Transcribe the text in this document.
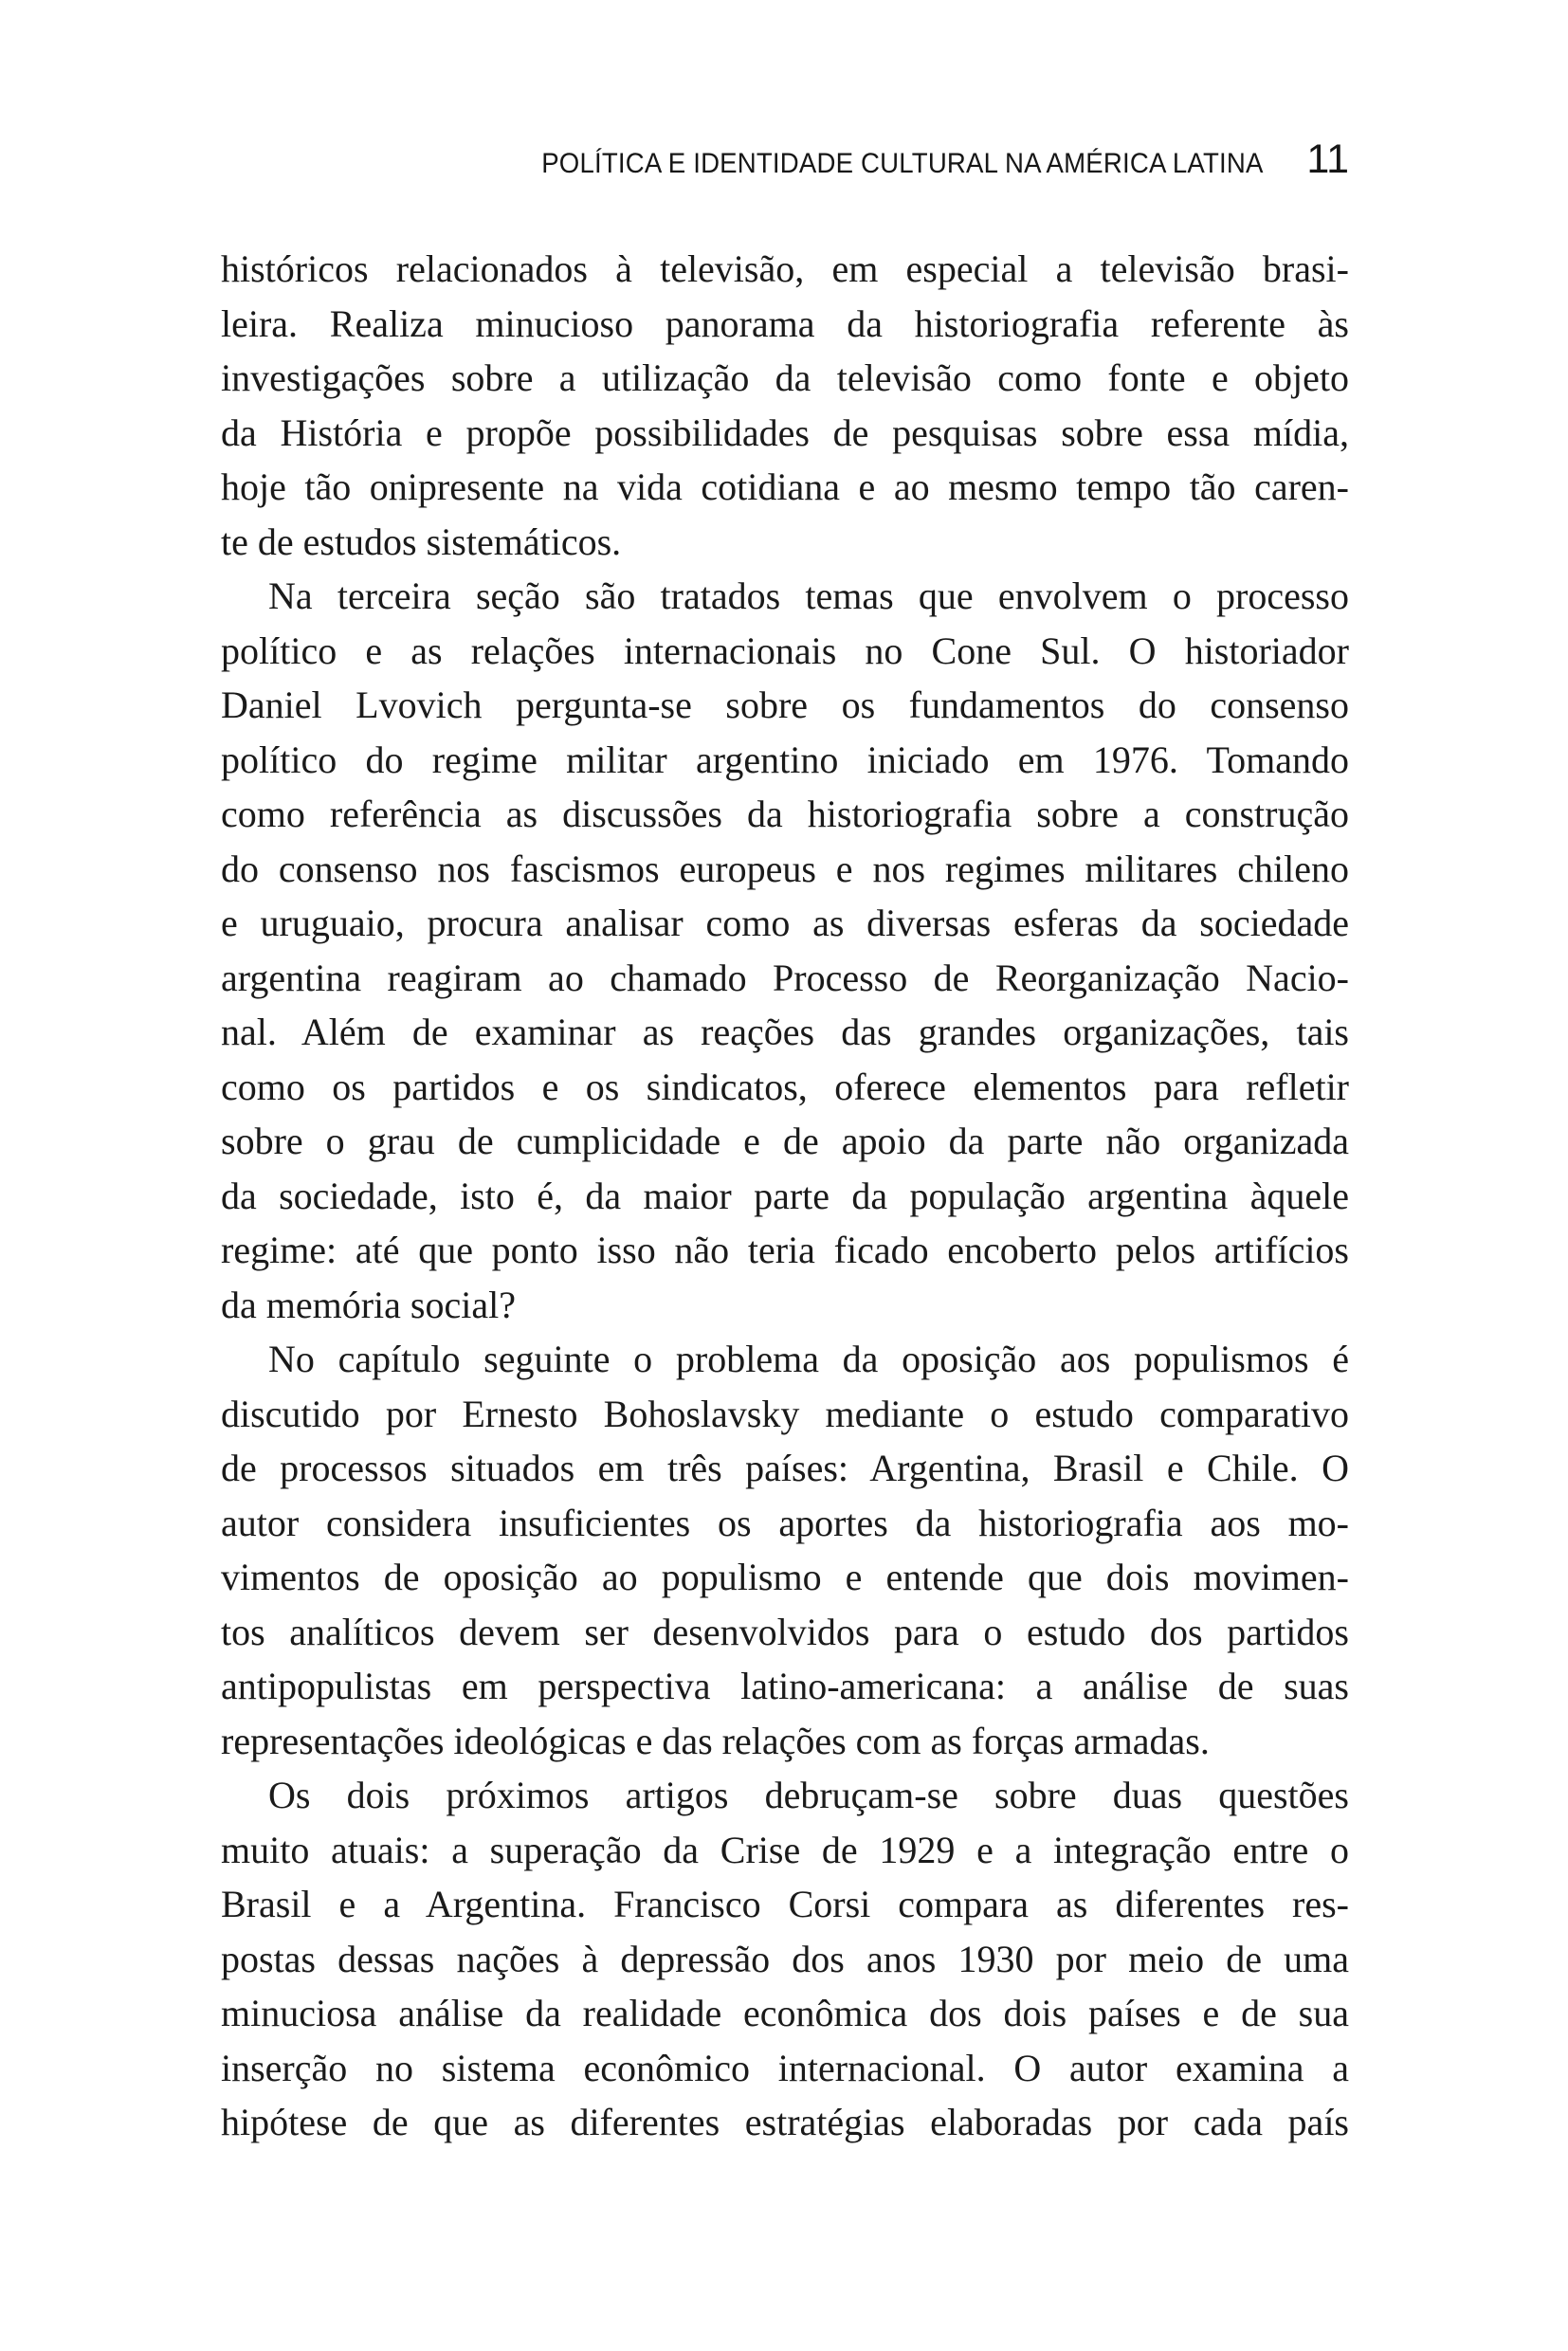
POLÍTICA E IDENTIDADE CULTURAL NA AMÉRICA LATINA 11
históricos relacionados à televisão, em especial a televisão brasi-
leira. Realiza minucioso panorama da historiografia referente às
investigações sobre a utilização da televisão como fonte e objeto
da História e propõe possibilidades de pesquisas sobre essa mídia,
hoje tão onipresente na vida cotidiana e ao mesmo tempo tão caren-
te de estudos sistemáticos.
Na terceira seção são tratados temas que envolvem o processo
político e as relações internacionais no Cone Sul. O historiador
Daniel Lvovich pergunta-se sobre os fundamentos do consenso
político do regime militar argentino iniciado em 1976. Tomando
como referência as discussões da historiografia sobre a construção
do consenso nos fascismos europeus e nos regimes militares chileno
e uruguaio, procura analisar como as diversas esferas da sociedade
argentina reagiram ao chamado Processo de Reorganização Nacio-
nal. Além de examinar as reações das grandes organizações, tais
como os partidos e os sindicatos, oferece elementos para refletir
sobre o grau de cumplicidade e de apoio da parte não organizada
da sociedade, isto é, da maior parte da população argentina àquele
regime: até que ponto isso não teria ficado encoberto pelos artifícios
da memória social?
No capítulo seguinte o problema da oposição aos populismos é
discutido por Ernesto Bohoslavsky mediante o estudo comparativo
de processos situados em três países: Argentina, Brasil e Chile. O
autor considera insuficientes os aportes da historiografia aos mo-
vimentos de oposição ao populismo e entende que dois movimen-
tos analíticos devem ser desenvolvidos para o estudo dos partidos
antipopulistas em perspectiva latino-americana: a análise de suas
representações ideológicas e das relações com as forças armadas.
Os dois próximos artigos debruçam-se sobre duas questões
muito atuais: a superação da Crise de 1929 e a integração entre o
Brasil e a Argentina. Francisco Corsi compara as diferentes res-
postas dessas nações à depressão dos anos 1930 por meio de uma
minuciosa análise da realidade econômica dos dois países e de sua
inserção no sistema econômico internacional. O autor examina a
hipótese de que as diferentes estratégias elaboradas por cada país
